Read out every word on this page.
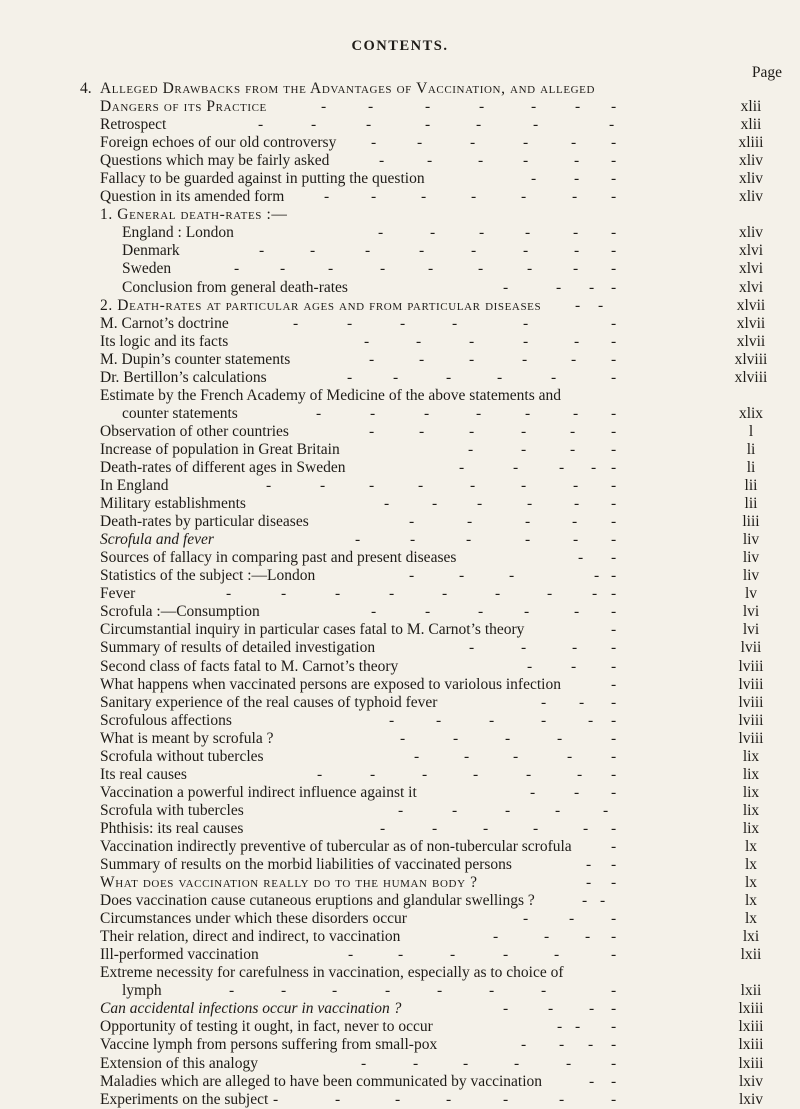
CONTENTS.
Page
4. Alleged Drawbacks from the Advantages of Vaccination, and alleged
Dangers of its Practice	-	-	-	-	-	- -	xlii
Retrospect	-	-	-	-	-	-	-	xlii
Foreign echoes of our old controversy -	-	-	-	- -	xliii
Questions which may be fairly asked	-	-	-	-	- -	xliv
Fallacy to be guarded against in putting the question	- - -	xliv
Question in its amended form	-	-	-	-	-	- -	xliv
1. General death-rates :—
England : London	-	-	-	-	- -	xliv
Denmark	-	-	-	-	-	-	- -	xlvi
Sweden	-	-	-	-	-	-	-	- -	xlvi
Conclusion from general death-rates	-	- - -	xlvi
2. Death-rates at particular ages and from particular diseases - -	xlvii
M. Carnot’s doctrine	-	-	-	-	-	-	xlvii
Its logic and its facts	-	-	-	-	- -	xlvii
M. Dupin’s counter statements	-	-	-	-	- -	xlviii
Dr. Bertillon’s calculations	-	-	-	-	-	-	xlviii
Estimate by the French Academy of Medicine of the above statements and
counter statements	-	-	-	-	-	- -	xlix
Observation of other countries	-	-	-	-	- -	l
Increase of population in Great Britain	-	-	- -	li
Death-rates of different ages in Sweden	-	-	- - -	li
In England	-	-	-	-	-	-	- -	lii
Military establishments	-	-	-	-	- -	lii
Death-rates by particular diseases	-	-	-	- -	liii
Scrofula and fever	-	-	-	-	- -	liv
Sources of fallacy in comparing past and present diseases	- -	liv
Statistics of the subject :—London	-	-	-	- -	liv
Fever	-	-	-	-	-	-	-	- -	lv
Scrofula :—Consumption	-	-	-	-	- -	lvi
Circumstantial inquiry in particular cases fatal to M. Carnot’s theory	-	lvi
Summary of results of detailed investigation	-	-	- -	lvii
Second class of facts fatal to M. Carnot’s theory	-	- -	lviii
What happens when vaccinated persons are exposed to variolous infection	-	lviii
Sanitary experience of the real causes of typhoid fever	- - -	lviii
Scrofulous affections	-	-	-	-	- -	lviii
What is meant by scrofula ?	-	-	-	-	-	lviii
Scrofula without tubercles	-	-	-	-	-	lix
Its real causes	-	-	-	-	-	- -	lix
Vaccination a powerful indirect influence against it	-	- -	lix
Scrofula with tubercles	-	-	-	-	-	lix
Phthisis: its real causes	-	-	-	-	- -	lix
Vaccination indirectly preventive of tubercular as of non-tubercular scrofula	-	lx
Summary of results on the morbid liabilities of vaccinated persons	- -	lx
What does vaccination really do to the human body ?	- -	lx
Does vaccination cause cutaneous eruptions and glandular swellings ?	- -	lx
Circumstances under which these disorders occur	-	- -	lx
Their relation, direct and indirect, to vaccination	-	- - -	lxi
Ill-performed vaccination	-	-	-	-	-	-	lxii
Extreme necessity for carefulness in vaccination, especially as to choice of
lymph	-	-	-	-	-	-	-	-	lxii
Can accidental infections occur in vaccination ?	-	- - -	lxiii
Opportunity of testing it ought, in fact, never to occur	- - -	lxiii
Vaccine lymph from persons suffering from small-pox	- - - -	lxiii
Extension of this analogy	-	-	-	-	-	-	lxiii
Maladies which are alleged to have been communicated by vaccination	- -	lxiv
Experiments on the subject -	-	-	-	-	-	-	lxiv
